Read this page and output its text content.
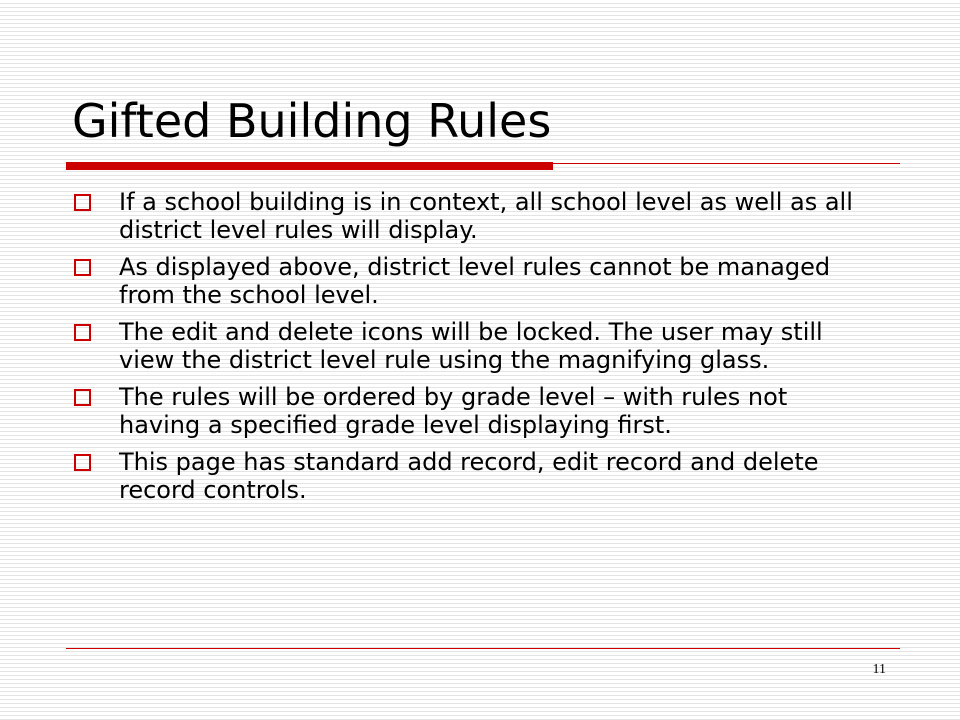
Gifted Building Rules
If a school building is in context, all school level as well as all district level rules will display.
As displayed above, district level rules cannot be managed from the school level.
The edit and delete icons will be locked. The user may still view the district level rule using the magnifying glass.
The rules will be ordered by grade level – with rules not having a specified grade level displaying first.
This page has standard add record, edit record and delete record controls.
11
